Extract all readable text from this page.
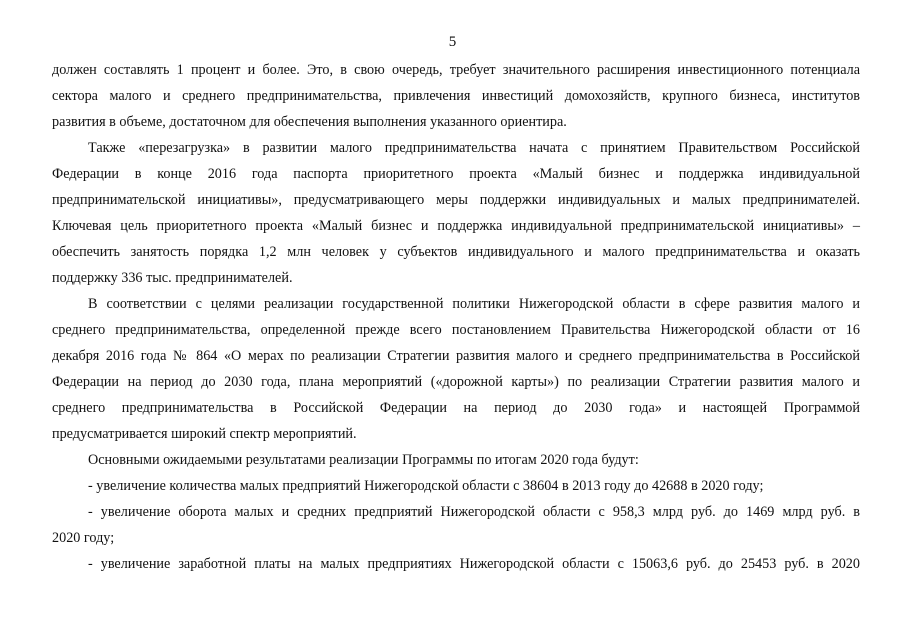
5
должен составлять 1 процент и более. Это, в свою очередь, требует значительного расширения инвестиционного потенциала
сектора малого и среднего предпринимательства, привлечения инвестиций домохозяйств, крупного бизнеса, институтов
развития в объеме, достаточном для обеспечения выполнения указанного ориентира.
Также «перезагрузка» в развитии малого предпринимательства начата с принятием Правительством Российской
Федерации в конце 2016 года паспорта приоритетного проекта «Малый бизнес и поддержка индивидуальной
предпринимательской инициативы», предусматривающего меры поддержки индивидуальных и малых предпринимателей.
Ключевая цель приоритетного проекта «Малый бизнес и поддержка индивидуальной предпринимательской инициативы» –
обеспечить занятость порядка 1,2 млн человек у субъектов индивидуального и малого предпринимательства и оказать
поддержку 336 тыс. предпринимателей.
В соответствии с целями реализации государственной политики Нижегородской области в сфере развития малого и
среднего предпринимательства, определенной прежде всего постановлением Правительства Нижегородской области от 16
декабря 2016 года № 864 «О мерах по реализации Стратегии развития малого и среднего предпринимательства в Российской
Федерации на период до 2030 года, плана мероприятий («дорожной карты») по реализации Стратегии развития малого и
среднего предпринимательства в Российской Федерации на период до 2030 года» и настоящей Программой
предусматривается широкий спектр мероприятий.
Основными ожидаемыми результатами реализации Программы по итогам 2020 года будут:
- увеличение количества малых предприятий Нижегородской области с 38604 в 2013 году до 42688 в 2020 году;
- увеличение оборота малых и средних предприятий Нижегородской области с 958,3 млрд руб. до 1469 млрд руб. в
2020 году;
- увеличение заработной платы на малых предприятиях Нижегородской области с 15063,6 руб. до 25453 руб. в 2020
